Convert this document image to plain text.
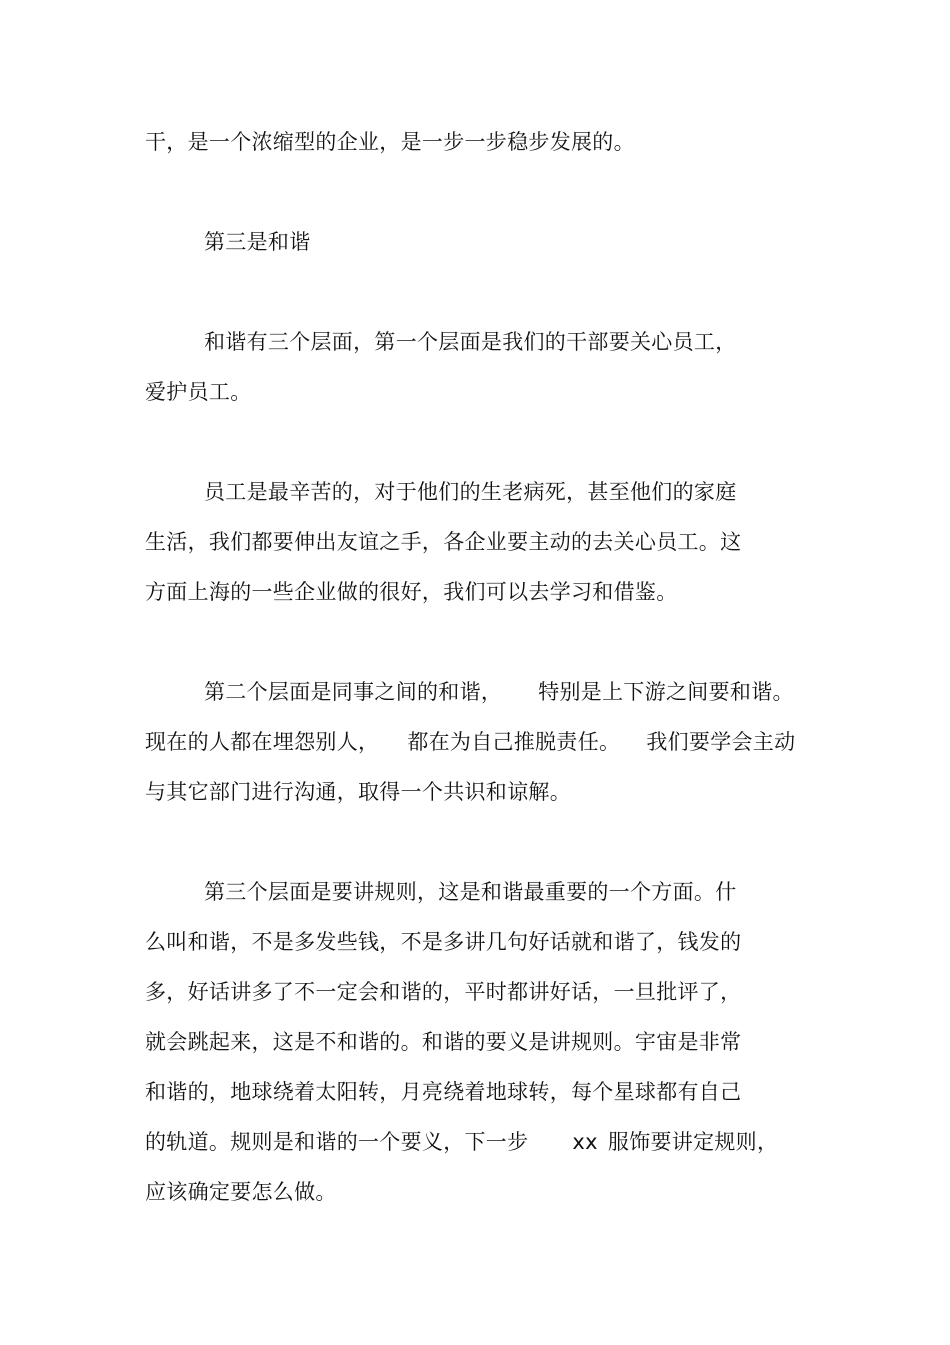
干，是一个浓缩型的企业，是一步一步稳步发展的。
第三是和谐
和谐有三个层面，第一个层面是我们的干部要关心员工，
爱护员工。
员工是最辛苦的，对于他们的生老病死，甚至他们的家庭
生活，我们都要伸出友谊之手，各企业要主动的去关心员工。这
方面上海的一些企业做的很好，我们可以去学习和借鉴。
第二个层面是同事之间的和谐， 特别是上下游之间要和谐。
现在的人都在埋怨别人， 都在为自己推脱责任。 我们要学会主动
与其它部门进行沟通，取得一个共识和谅解。
第三个层面是要讲规则，这是和谐最重要的一个方面。什
么叫和谐，不是多发些钱，不是多讲几句好话就和谐了，钱发的
多，好话讲多了不一定会和谐的，平时都讲好话，一旦批评了，
就会跳起来，这是不和谐的。和谐的要义是讲规则。宇宙是非常
和谐的，地球绕着太阳转，月亮绕着地球转，每个星球都有自己
的轨道。规则是和谐的一个要义，下一步 xx 服饰要讲定规则，
应该确定要怎么做。
